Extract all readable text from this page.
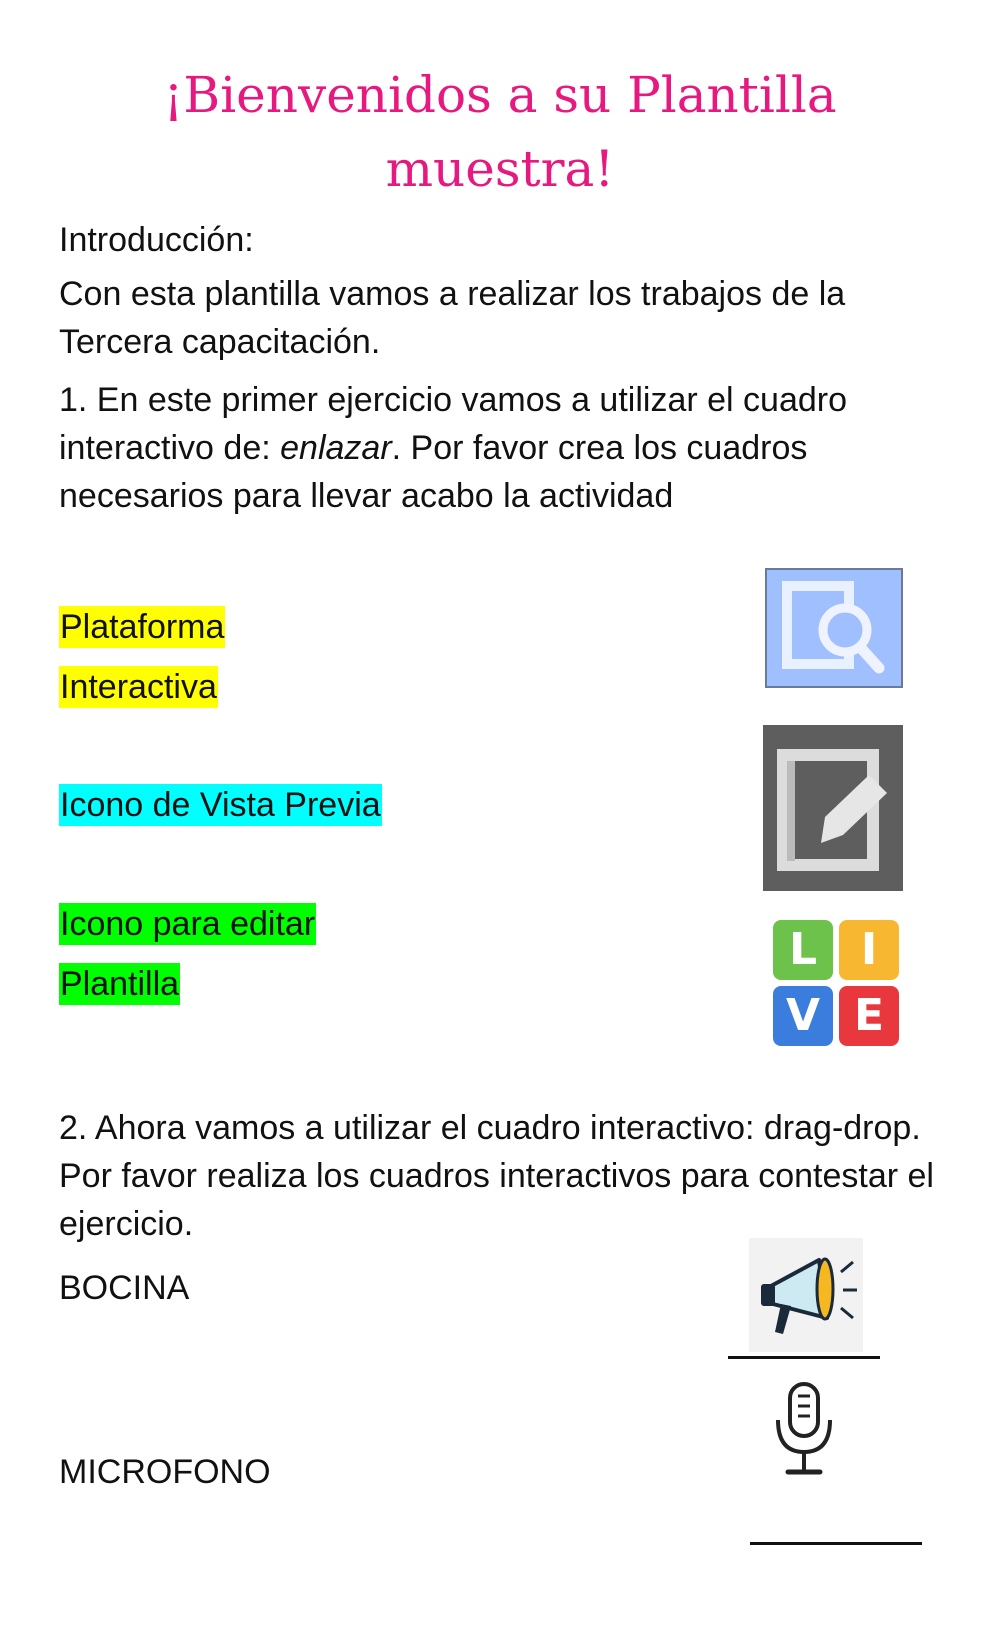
¡Bienvenidos a su Plantilla
muestra!

Introducción:

Con esta plantilla vamos a realizar los trabajos de la Tercera capacitación.

1. En este primer ejercicio vamos a utilizar el cuadro interactivo de: enlazar. Por favor crea los cuadros necesarios para llevar acabo la actividad

Plataforma
Interactiva
Icono de Vista Previa
Icono para editar
Plantilla
L I
V E

2. Ahora vamos a utilizar el cuadro interactivo: drag-drop. Por favor realiza los cuadros interactivos para contestar el ejercicio.

BOCINA
MICROFONO
